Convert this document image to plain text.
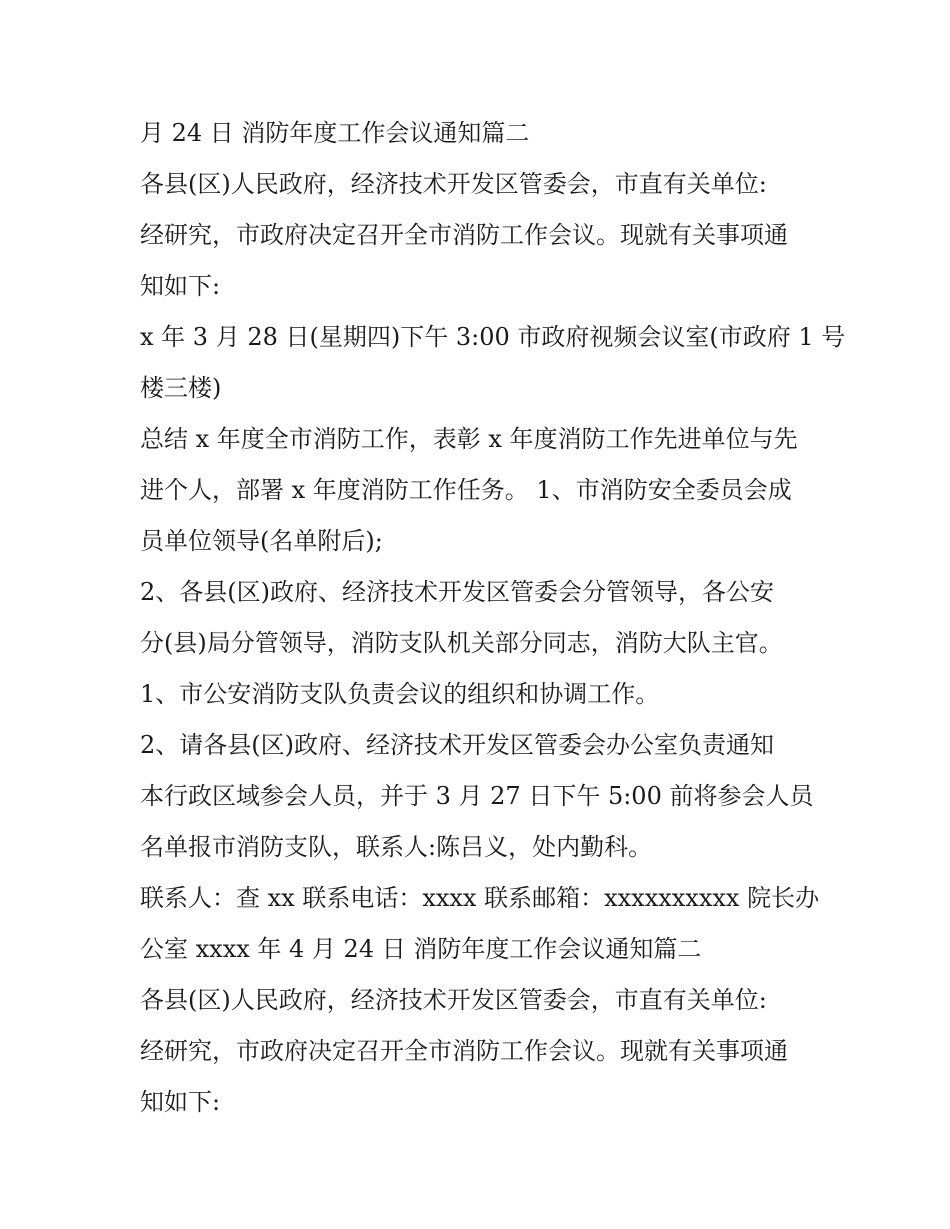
月 24 日 消防年度工作会议通知篇二
各县(区)人民政府，经济技术开发区管委会，市直有关单位:
经研究，市政府决定召开全市消防工作会议。现就有关事项通
知如下:
x 年 3 月 28 日(星期四)下午 3:00 市政府视频会议室(市政府 1 号
楼三楼)
总结 x 年度全市消防工作，表彰 x 年度消防工作先进单位与先
进个人，部署 x 年度消防工作任务。 1、市消防安全委员会成
员单位领导(名单附后);
2、各县(区)政府、经济技术开发区管委会分管领导，各公安
分(县)局分管领导，消防支队机关部分同志，消防大队主官。
1、市公安消防支队负责会议的组织和协调工作。
2、请各县(区)政府、经济技术开发区管委会办公室负责通知
本行政区域参会人员，并于 3 月 27 日下午 5:00 前将参会人员
名单报市消防支队，联系人:陈吕义，处内勤科。
联系人：查 xx 联系电话：xxxx 联系邮箱：xxxxxxxxxx 院长办
公室 xxxx 年 4 月 24 日 消防年度工作会议通知篇二
各县(区)人民政府，经济技术开发区管委会，市直有关单位:
经研究，市政府决定召开全市消防工作会议。现就有关事项通
知如下:
